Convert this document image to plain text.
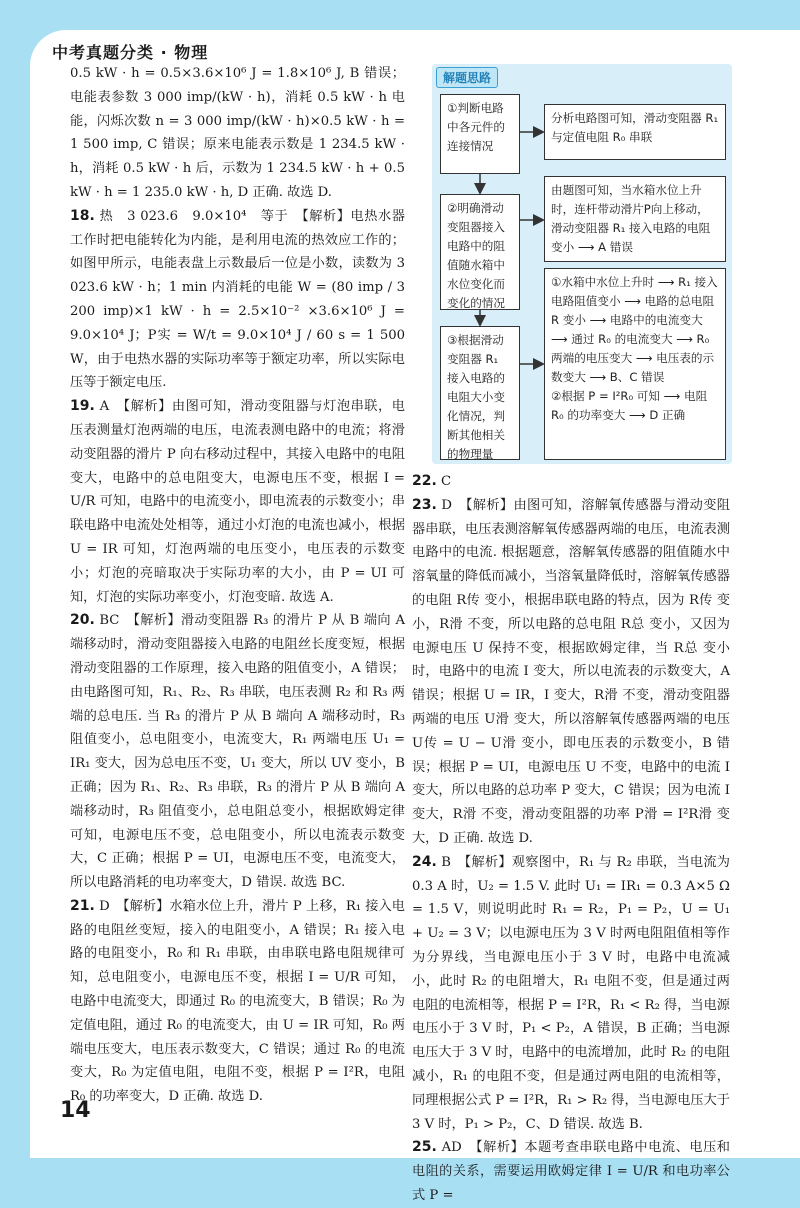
中考真题分类 · 物理

0.5 kW · h = 0.5×3.6×10⁶ J = 1.8×10⁶ J, B 错误；电能表参数 3 000 imp/(kW · h)，消耗 0.5 kW · h 电能，闪烁次数 n = 3 000 imp/(kW · h)×0.5 kW · h = 1 500 imp, C 错误；原来电能表示数是 1 234.5 kW · h，消耗 0.5 kW · h 后，示数为 1 234.5 kW · h + 0.5 kW · h = 1 235.0 kW · h, D 正确. 故选 D.

18. 热　3 023.6　9.0×10⁴　等于　【解析】电热水器工作时把电能转化为内能，是利用电流的热效应工作的；如图甲所示，电能表盘上示数最后一位是小数，读数为 3 023.6 kW · h；1 min 内消耗的电能 W = (80 imp / 3 200 imp)×1 kW · h = 2.5×10⁻² ×3.6×10⁶ J = 9.0×10⁴ J；P实 = W/t = 9.0×10⁴ J / 60 s = 1 500 W，由于电热水器的实际功率等于额定功率，所以实际电压等于额定电压.

19. A　【解析】由图可知，滑动变阻器与灯泡串联，电压表测量灯泡两端的电压，电流表测电路中的电流；将滑动变阻器的滑片 P 向右移动过程中，其接入电路中的电阻变大，电路中的总电阻变大，电源电压不变，根据 I = U/R 可知，电路中的电流变小，即电流表的示数变小；串联电路中电流处处相等，通过小灯泡的电流也减小，根据 U = IR 可知，灯泡两端的电压变小，电压表的示数变小；灯泡的亮暗取决于实际功率的大小，由 P = UI 可知，灯泡的实际功率变小，灯泡变暗. 故选 A.

20. BC　【解析】滑动变阻器 R₃ 的滑片 P 从 B 端向 A 端移动时，滑动变阻器接入电路的电阻丝长度变短，根据滑动变阻器的工作原理，接入电路的阻值变小，A 错误；由电路图可知，R₁、R₂、R₃ 串联，电压表测 R₂ 和 R₃ 两端的总电压. 当 R₃ 的滑片 P 从 B 端向 A 端移动时，R₃ 阻值变小，总电阻变小，电流变大，R₁ 两端电压 U₁ = IR₁ 变大，因为总电压不变，U₁ 变大，所以 UV 变小，B 正确；因为 R₁、R₂、R₃ 串联，R₃ 的滑片 P 从 B 端向 A 端移动时，R₃ 阻值变小，总电阻总变小，根据欧姆定律可知，电源电压不变，总电阻变小，所以电流表示数变大，C 正确；根据 P = UI，电源电压不变，电流变大，所以电路消耗的电功率变大，D 错误. 故选 BC.

21. D　【解析】水箱水位上升，滑片 P 上移，R₁ 接入电路的电阻丝变短，接入的电阻变小，A 错误；R₁ 接入电路的电阻变小，R₀ 和 R₁ 串联，由串联电路电阻规律可知，总电阻变小，电源电压不变，根据 I = U/R 可知，电路中电流变大，即通过 R₀ 的电流变大，B 错误；R₀ 为定值电阻，通过 R₀ 的电流变大，由 U = IR 可知，R₀ 两端电压变大，电压表示数变大，C 错误；通过 R₀ 的电流变大，R₀ 为定值电阻，电阻不变，根据 P = I²R，电阻 R₀ 的功率变大，D 正确. 故选 D.

解题思路
①判断电路中各元件的连接情况
分析电路图可知，滑动变阻器 R₁ 与定值电阻 R₀ 串联
②明确滑动变阻器接入电路中的阻值随水箱中水位变化而变化的情况
由题图可知，当水箱水位上升时，连杆带动滑片P向上移动，滑动变阻器 R₁ 接入电路的电阻变小 ⟶ A 错误
③根据滑动变阻器 R₁ 接入电路的电阻大小变化情况，判断其他相关的物理量
①水箱中水位上升时 ⟶ R₁ 接入电路阻值变小 ⟶ 电路的总电阻 R 变小 ⟶ 电路中的电流变大 ⟶ 通过 R₀ 的电流变大 ⟶ R₀ 两端的电压变大 ⟶ 电压表的示数变大 ⟶ B、C 错误
②根据 P = I²R₀ 可知 ⟶ 电阻 R₀ 的功率变大 ⟶ D 正确

22. C

23. D　【解析】由图可知，溶解氧传感器与滑动变阻器串联，电压表测溶解氧传感器两端的电压，电流表测电路中的电流. 根据题意，溶解氧传感器的阻值随水中溶氧量的降低而减小，当溶氧量降低时，溶解氧传感器的电阻 R传 变小，根据串联电路的特点，因为 R传 变小，R滑 不变，所以电路的总电阻 R总 变小，又因为电源电压 U 保持不变，根据欧姆定律，当 R总 变小时，电路中的电流 I 变大，所以电流表的示数变大，A 错误；根据 U = IR，I 变大，R滑 不变，滑动变阻器两端的电压 U滑 变大，所以溶解氧传感器两端的电压 U传 = U − U滑 变小，即电压表的示数变小，B 错误；根据 P = UI，电源电压 U 不变，电路中的电流 I 变大，所以电路的总功率 P 变大，C 错误；因为电流 I 变大，R滑 不变，滑动变阻器的功率 P滑 = I²R滑 变大，D 正确. 故选 D.

24. B　【解析】观察图中，R₁ 与 R₂ 串联，当电流为 0.3 A 时，U₂ = 1.5 V. 此时 U₁ = IR₁ = 0.3 A×5 Ω = 1.5 V，则说明此时 R₁ = R₂，P₁ = P₂，U = U₁ + U₂ = 3 V；以电源电压为 3 V 时两电阻阻值相等作为分界线，当电源电压小于 3 V 时，电路中电流减小，此时 R₂ 的电阻增大，R₁ 电阻不变，但是通过两电阻的电流相等，根据 P = I²R，R₁ < R₂ 得，当电源电压小于 3 V 时，P₁ < P₂，A 错误，B 正确；当电源电压大于 3 V 时，电路中的电流增加，此时 R₂ 的电阻减小，R₁ 的电阻不变，但是通过两电阻的电流相等，同理根据公式 P = I²R，R₁ > R₂ 得，当电源电压大于 3 V 时，P₁ > P₂，C、D 错误. 故选 B.

25. AD　【解析】本题考查串联电路中电流、电压和电阻的关系，需要运用欧姆定律 I = U/R 和电功率公式 P =

14
